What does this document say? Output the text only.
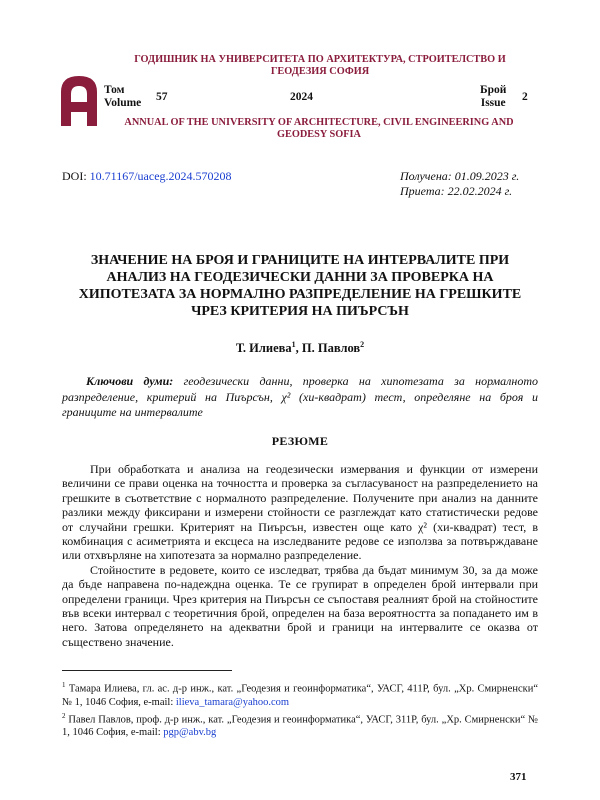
ГОДИШНИК НА УНИВЕРСИТЕТА ПО АРХИТЕКТУРА, СТРОИТЕЛСТВО И ГЕОДЕЗИЯ СОФИЯ
Том
Volume 57	2024
Брой
Issue 2
ANNUAL OF THE UNIVERSITY OF ARCHITECTURE, CIVIL ENGINEERING AND GEODESY SOFIA
DOI: 10.71167/uaceg.2024.570208	Получена: 01.09.2023 г.
Приета: 22.02.2024 г.
ЗНАЧЕНИЕ НА БРОЯ И ГРАНИЦИТЕ НА ИНТЕРВАЛИТЕ ПРИ АНАЛИЗ НА ГЕОДЕЗИЧЕСКИ ДАННИ ЗА ПРОВЕРКА НА ХИПОТЕЗАТА ЗА НОРМАЛНО РАЗПРЕДЕЛЕНИЕ НА ГРЕШКИТЕ ЧРЕЗ КРИТЕРИЯ НА ПИЪРСЪН
Т. Илиева$^1$, П. Павлов$^2$
Ключови думи: геодезически данни, проверка на хипотезата за нормалното разпределение, критерий на Пиърсън, χ² (хи-квадрат) тест, определяне на броя и границите на интервалите
РЕЗЮМЕ

При обработката и анализа на геодезически измервания и функции от измерени величини се прави оценка на точността и проверка за съгласуваност на разпределението на грешките в съответствие с нормалното разпределение. Получените при анализ на данните разлики между фиксирани и измерени стойности се разглеждат като статистически редове от случайни грешки. Критерият на Пиърсън, известен още като χ² (хи-квадрат) тест, в комбинация с асиметрията и ексцеса на изследваните редове се използва за потвърждаване или отхвърляне на хипотезата за нормално разпределение.

Стойностите в редовете, които се изследват, трябва да бъдат минимум 30, за да може да бъде направена по-надеждна оценка. Те се групират в определен брой интервали при определени граници. Чрез критерия на Пиърсън се съпоставя реалният брой на стойностите във всеки интервал с теоретичния брой, определен на база вероятността за попадането им в него. Затова определянето на адекватни брой и граници на интервалите се оказва от съществено значение.

$^1$ Тамара Илиева, гл. ас. д-р инж., кат. „Геодезия и геоинформатика“, УАСГ, 411Р, бул. „Хр. Смирненски“ № 1, 1046 София, e-mail: ilieva_tamara@yahoo.com

$^2$ Павел Павлов, проф. д-р инж., кат. „Геодезия и геоинформатика“, УАСГ, 311Р, бул. „Хр. Смирненски“ № 1, 1046 София, e-mail: pgp@abv.bg

371
